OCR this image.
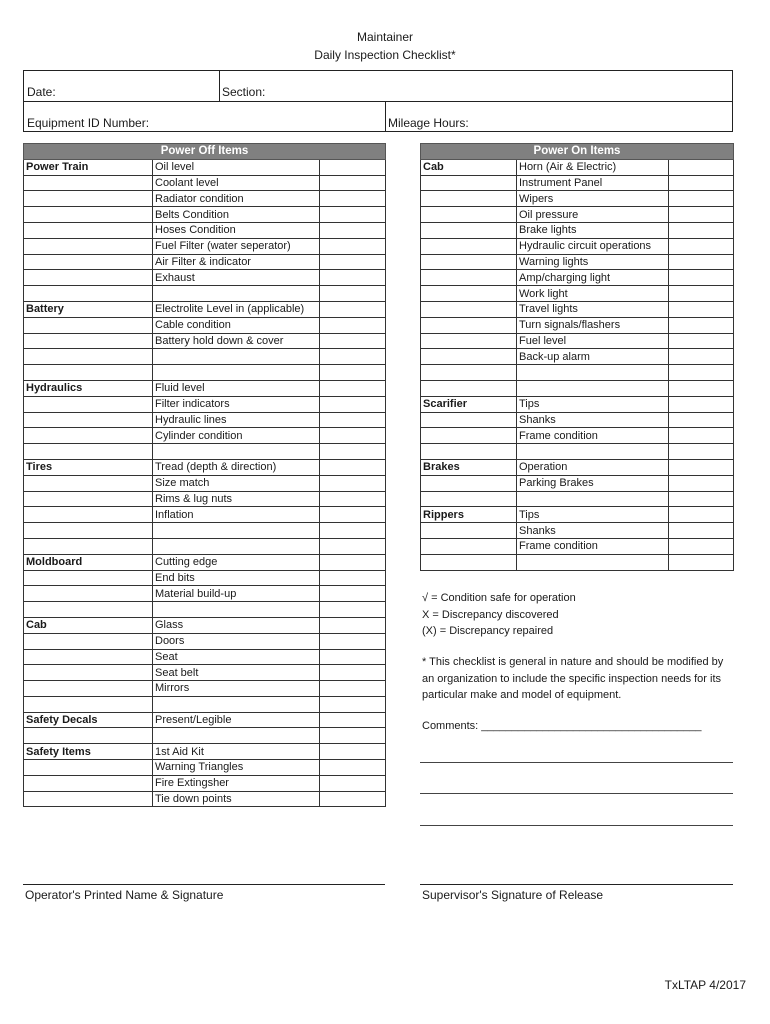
Maintainer
Daily Inspection Checklist*
Date:	Section:
Equipment ID Number:	Mileage Hours:
Power Off Items		
Power Train	Oil level	
	Coolant level	
	Radiator condition	
	Belts Condition	
	Hoses Condition	
	Fuel Filter (water seperator)	
	Air Filter & indicator	
	Exhaust	

Battery	Electrolite Level in (applicable)	
	Cable condition	
	Battery hold down & cover	

Hydraulics	Fluid level	
	Filter indicators	
	Hydraulic lines	
	Cylinder condition	

Tires	Tread (depth & direction)	
	Size match	
	Rims & lug nuts	
	Inflation	

Moldboard	Cutting edge	
	End bits	
	Material build-up	

Cab	Glass	
	Doors	
	Seat	
	Seat belt	
	Mirrors	

Safety Decals	Present/Legible	

Safety Items	1st Aid Kit	
	Warning Triangles	
	Fire Extingsher	
	Tie down points	
Power On Items		
Cab	Horn (Air & Electric)	
	Instrument Panel	
	Wipers	
	Oil pressure	
	Brake lights	
	Hydraulic circuit operations	
	Warning lights	
	Amp/charging light	
	Work light	
	Travel lights	
	Turn signals/flashers	
	Fuel level	
	Back-up alarm	

Scarifier	Tips	
	Shanks	
	Frame condition	

Brakes	Operation	
	Parking Brakes	

Rippers	Tips	
	Shanks	
	Frame condition	

√ = Condition safe for operation
X = Discrepancy discovered
(X) = Discrepancy repaired
* This checklist is general in nature and should be modified by an organization to include the specific inspection needs for its particular make and model of equipment.
Comments: ____________________________________
Operator's Printed Name & Signature	Supervisor's Signature of Release
TxLTAP 4/2017
